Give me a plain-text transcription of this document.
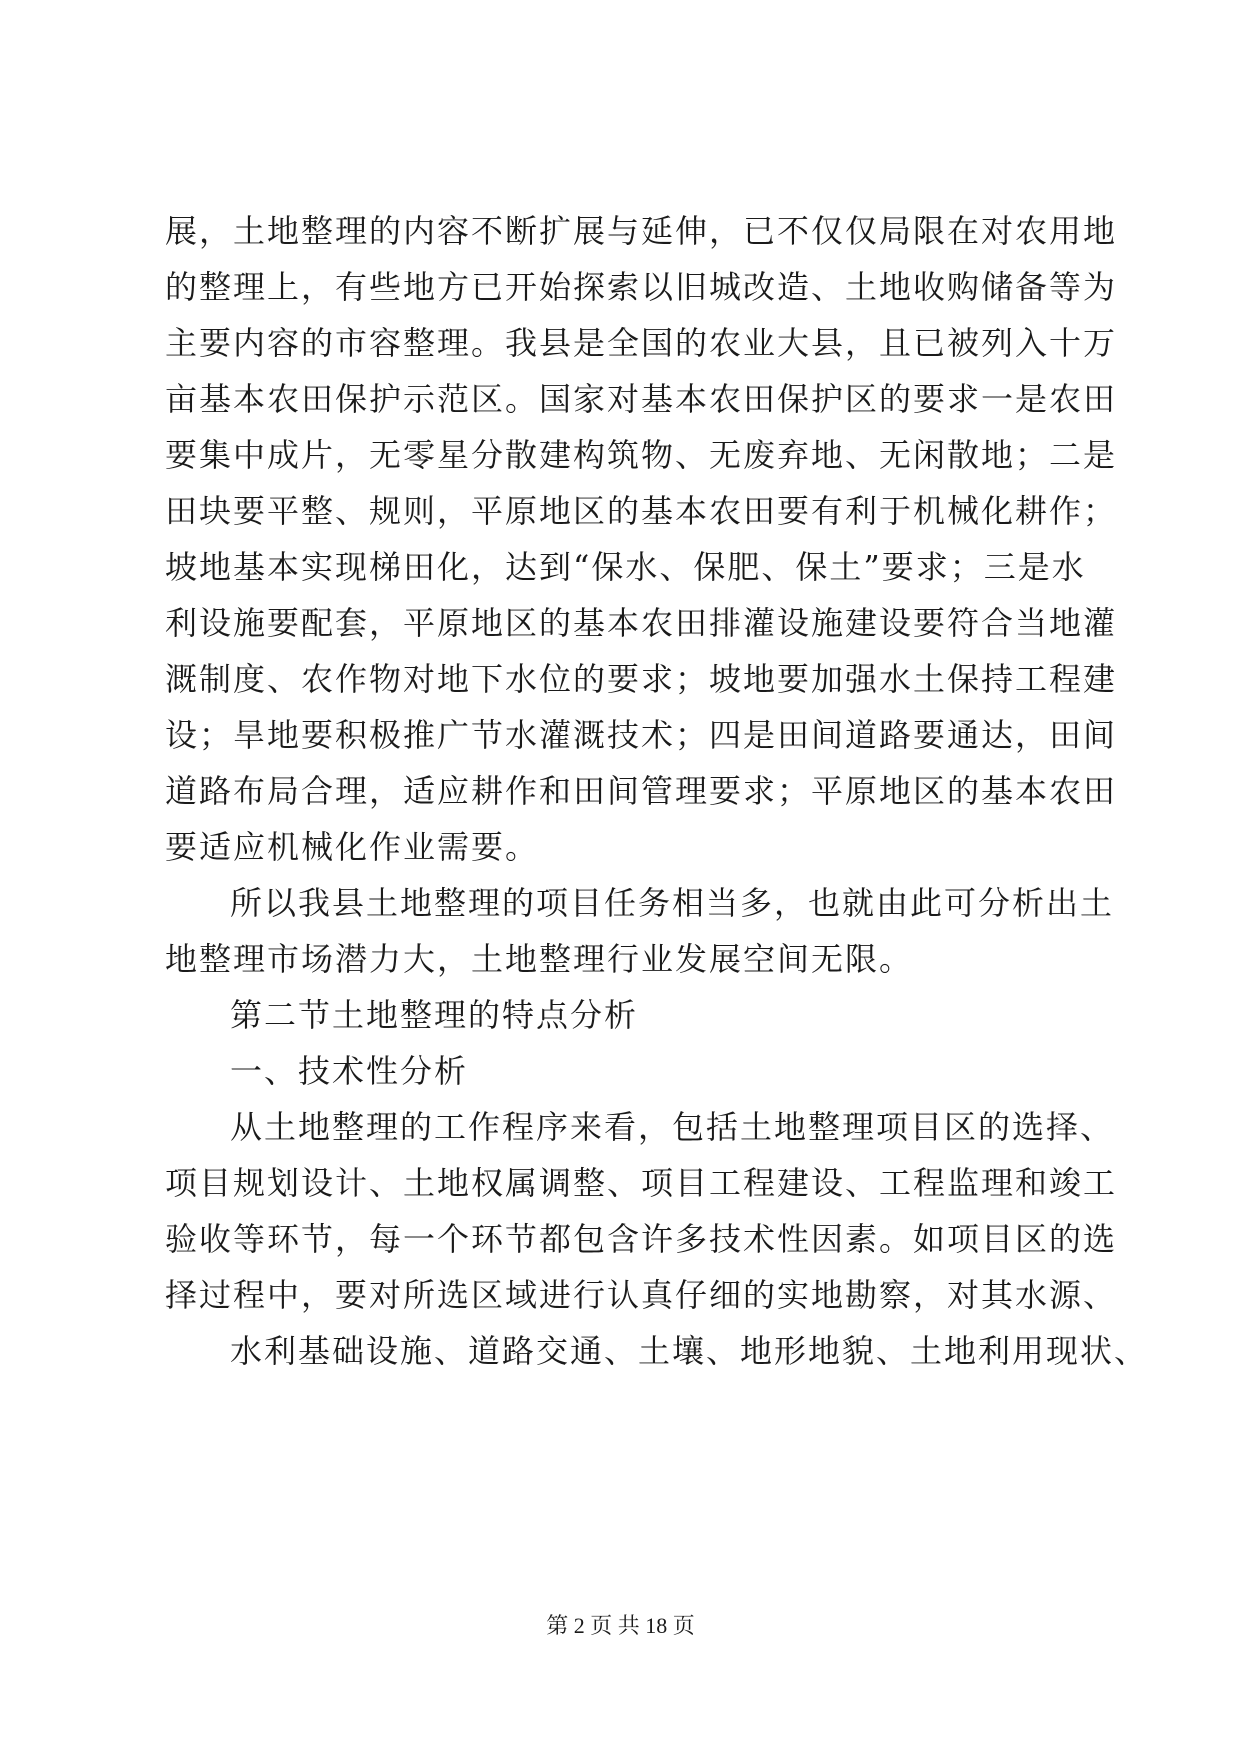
展，土地整理的内容不断扩展与延伸，已不仅仅局限在对农用地
的整理上，有些地方已开始探索以旧城改造、土地收购储备等为
主要内容的市容整理。我县是全国的农业大县，且已被列入十万
亩基本农田保护示范区。国家对基本农田保护区的要求一是农田
要集中成片，无零星分散建构筑物、无废弃地、无闲散地；二是
田块要平整、规则，平原地区的基本农田要有利于机械化耕作；
坡地基本实现梯田化，达到“保水、保肥、保土”要求；三是水
利设施要配套，平原地区的基本农田排灌设施建设要符合当地灌
溉制度、农作物对地下水位的要求；坡地要加强水土保持工程建
设；旱地要积极推广节水灌溉技术；四是田间道路要通达，田间
道路布局合理，适应耕作和田间管理要求；平原地区的基本农田
要适应机械化作业需要。
所以我县土地整理的项目任务相当多，也就由此可分析出土
地整理市场潜力大，土地整理行业发展空间无限。
第二节土地整理的特点分析
一、技术性分析
从土地整理的工作程序来看，包括土地整理项目区的选择、
项目规划设计、土地权属调整、项目工程建设、工程监理和竣工
验收等环节，每一个环节都包含许多技术性因素。如项目区的选
择过程中，要对所选区域进行认真仔细的实地勘察，对其水源、
水利基础设施、道路交通、土壤、地形地貌、土地利用现状、
第 2 页 共 18 页
